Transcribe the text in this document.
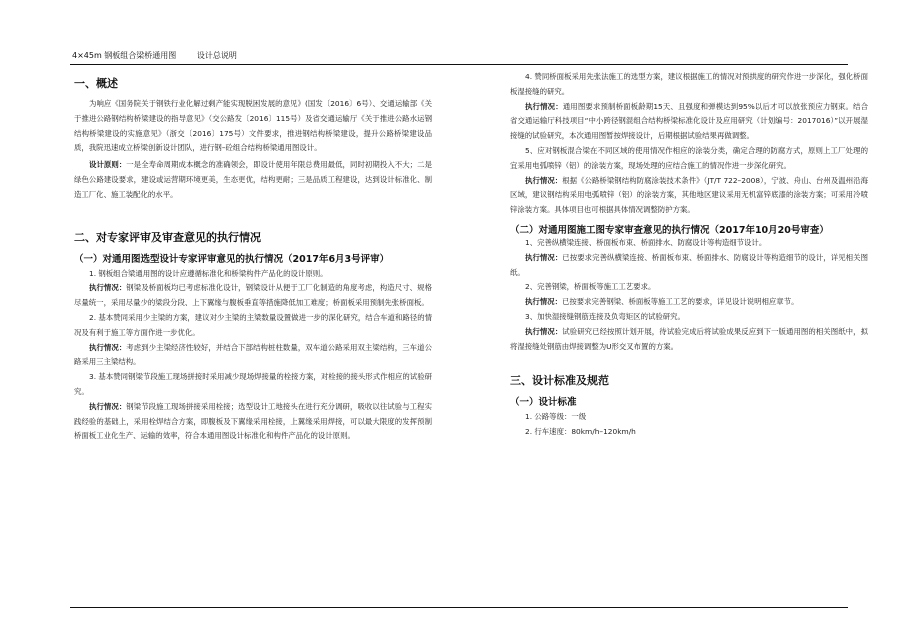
4×45m 钢板组合梁桥通用图	设计总说明
一、概述
为响应《国务院关于钢铁行业化解过剩产能实现脱困发展的意见》(国发〔2016〕6号）、交通运输部《关于推进公路钢结构桥梁建设的指导意见》（交公路发〔2016〕115号）及省交通运输厅《关于推进公路水运钢结构桥梁建设的实施意见》（浙交〔2016〕175号）文件要求，推进钢结构桥梁建设，提升公路桥梁建设品质，我院迅速成立桥梁创新设计团队，进行钢–砼组合结构桥梁通用图设计。
设计原则：一是全寿命周期成本概念的准确领会，即设计使用年限总费用最低，同时初期投入不大；二是绿色公路建设要求，建设或运营期环境更美，生态更优，结构更耐；三是品质工程建设，达到设计标准化、制造工厂化、施工装配化的水平。
二、对专家评审及审查意见的执行情况
（一）对通用图选型设计专家评审意见的执行情况（2017年6月3号评审）
1. 钢板组合梁通用图的设计应遵循标准化和桥梁构件产品化的设计原则。
执行情况：钢梁及桥面板均已考虑标准化设计，钢梁设计从便于工厂化制造的角度考虑，构造尺寸、规格尽量统一，采用尽量少的梁段分段、上下翼缘与腹板垂直等措施降低加工难度；桥面板采用预制先张桥面板。
2. 基本赞同采用少主梁的方案，建议对少主梁的主梁数量设置做进一步的深化研究，结合车道和路径的情况及有利于施工等方面作进一步优化。
执行情况：考虑到少主梁经济性较好，并结合下部结构桩柱数量，双车道公路采用双主梁结构，三车道公路采用三主梁结构。
3. 基本赞同钢梁节段施工现场拼接时采用减少现场焊接量的栓接方案，对栓接的接头形式作相应的试验研究。
执行情况：钢梁节段施工现场拼接采用栓接；选型设计工地接头在进行充分调研，吸收以往试验与工程实践经验的基础上，采用栓焊结合方案，即腹板及下翼缘采用栓接，上翼缘采用焊接，可以最大限度的发挥预制桥面板工业化生产、运输的效率，符合本通用图设计标准化和构件产品化的设计原则。
4. 赞同桥面板采用先张法施工的选型方案，建议根据施工的情况对预拱度的研究作进一步深化，强化桥面板湿接缝的研究。
执行情况：通用图要求预制桥面板龄期15天、且强度和弹模达到95%以后才可以放张预应力钢束。结合省交通运输厅科技项目“中小跨径钢混组合结构桥梁标准化设计及应用研究（计划编号：2017016）”以开展湿接缝的试验研究，本次通用图暂按焊接设计，后期根据试验结果再做调整。
5、应对钢板混合梁在不同区域的使用情况作相应的涂装分类，确定合理的防腐方式，原则上工厂处理的宜采用电弧喷锌（铝）的涂装方案，现场处理的应结合施工的情况作进一步深化研究。
执行情况：根据《公路桥梁钢结构防腐涂装技术条件》（JT/T 722–2008），宁波、舟山、台州及温州沿海区域，建议钢结构采用电弧喷锌（铝）的涂装方案，其他地区建议采用无机富锌底漆的涂装方案；可采用冷喷锌涂装方案。具体项目也可根据具体情况调整防护方案。
（二）对通用图施工图专家审查意见的执行情况（2017年10月20号审查）
1、完善纵横梁连接、桥面板布束、桥面排水、防腐设计等构造细节设计。
执行情况：已按要求完善纵横梁连接、桥面板布束、桥面排水、防腐设计等构造细节的设计，详见相关图纸。
2、完善钢梁，桥面板等施工工艺要求。
执行情况：已按要求完善钢梁、桥面板等施工工艺的要求，详见设计说明相应章节。
3、加快湿接缝钢筋连接及负弯矩区的试验研究。
执行情况：试验研究已经按照计划开展，待试验完成后将试验成果反应到下一版通用图的相关图纸中，拟将湿接缝处钢筋由焊接调整为U形交叉布置的方案。
三、设计标准及规范
（一）设计标准
1. 公路等级：一级
2. 行车速度：80km/h–120km/h
